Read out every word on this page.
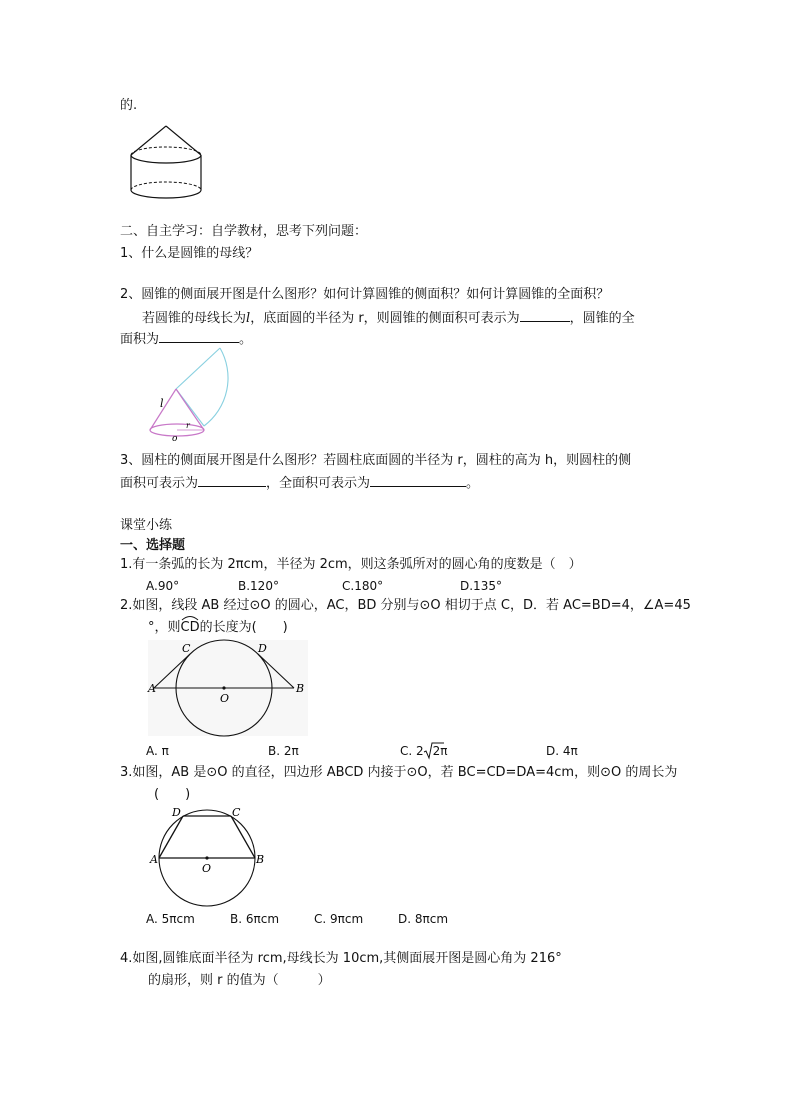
的.
二、自主学习：自学教材，思考下列问题：
1、什么是圆锥的母线？
2、圆锥的侧面展开图是什么图形？如何计算圆锥的侧面积？如何计算圆锥的全面积？
若圆锥的母线长为l，底面圆的半径为 r，则圆锥的侧面积可表示为	，圆锥的全
面积为	。
l
r
o
3、圆柱的侧面展开图是什么图形？若圆柱底面圆的半径为 r，圆柱的高为 h，则圆柱的侧
面积可表示为	，全面积可表示为	。
课堂小练
一、选择题
1.有一条弧的长为 2πcm，半径为 2cm，则这条弧所对的圆心角的度数是（　）
A.90°	B.120°	C.180°	D.135°
2.如图，线段 AB 经过⊙O 的圆心，AC，BD 分别与⊙O 相切于点 C，D．若 AC=BD=4，∠A=45
°，则CD
的长度为(　　)
A	B
C	D
O
A. π	B. 2π	C. 2 2π	D. 4π
3.如图，AB 是⊙O 的直径，四边形 ABCD 内接于⊙O，若 BC=CD=DA=4cm，则⊙O 的周长为
(　　)
A	B
C
D
O
A. 5πcm	B. 6πcm	C. 9πcm	D. 8πcm
4.如图,圆锥底面半径为 rcm,母线长为 10cm,其侧面展开图是圆心角为 216°
的扇形，则 r 的值为（　　　）
